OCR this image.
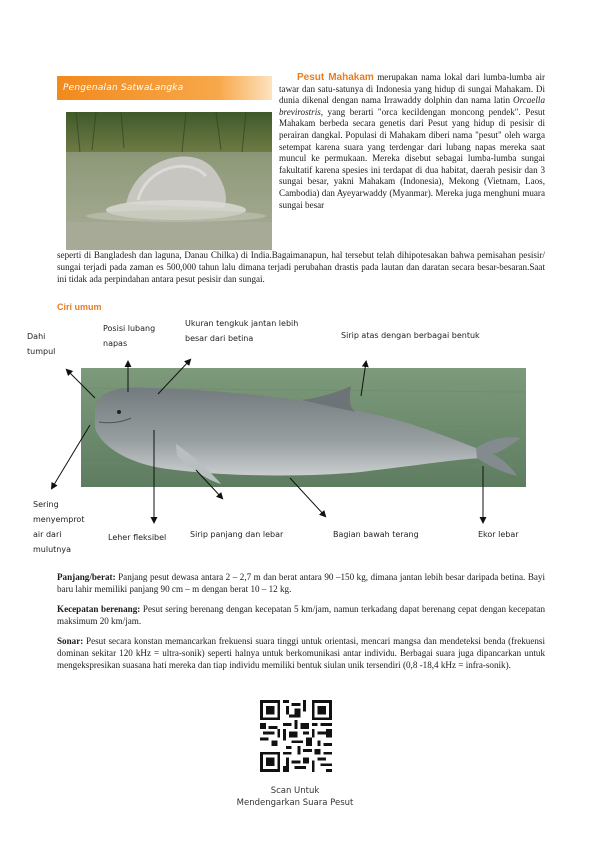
Pengenalan SatwaLangka
Pesut Mahakam merupakan nama lokal dari lumba-lumba air tawar dan satu-satunya di Indonesia yang hidup di sungai Mahakam. Di dunia dikenal dengan nama Irrawaddy dolphin dan nama latin Orcaella brevirostris, yang berarti "orca kecildengan moncong pendek". Pesut Mahakam berbeda secara genetis dari Pesut yang hidup di pesisir di perairan dangkal. Populasi di Mahakam diberi nama "pesut" oleh warga setempat karena suara yang terdengar dari lubang napas mereka saat muncul ke permukaan. Mereka disebut sebagai lumba-lumba sungai fakultatif karena spesies ini terdapat di dua habitat, daerah pesisir dan 3 sungai besar, yakni Mahakam (Indonesia), Mekong (Vietnam, Laos, Cambodia) dan Ayeyarwaddy (Myanmar). Mereka juga menghuni muara sungai besar
seperti di Bangladesh dan laguna, Danau Chilka) di India.Bagaimanapun, hal tersebut telah dihipotesakan bahwa pemisahan pesisir/ sungai terjadi pada zaman es 500,000 tahun lalu dimana terjadi perubahan drastis pada lautan dan daratan secara besar-besaran.Saat ini tidak ada perpindahan antara pesut pesisir dan sungai.
Ciri umum
Dahi
tumpul
Posisi lubang
napas
Ukuran tengkuk jantan lebih
besar dari betina	Sirip atas dengan berbagai bentuk
Sering
menyemprot
air dari
mulutnya
Leher fleksibel	Sirip panjang dan lebar	Bagian bawah terang	Ekor lebar
Panjang/berat: Panjang pesut dewasa antara 2 – 2,7 m dan berat antara 90 –150 kg, dimana jantan lebih besar daripada betina. Bayi baru lahir memiliki panjang 90 cm – m dengan berat 10 – 12 kg.
Kecepatan berenang: Pesut sering berenang dengan kecepatan 5 km/jam, namun terkadang dapat berenang cepat dengan kecepatan maksimum 20 km/jam.
Sonar: Pesut secara konstan memancarkan frekuensi suara tinggi untuk orientasi, mencari mangsa dan mendeteksi benda (frekuensi dominan sekitar 120 kHz = ultra-sonik) seperti halnya untuk berkomunikasi antar individu. Berbagai suara juga dipancarkan untuk mengekspresikan suasana hati mereka dan tiap individu memiliki bentuk siulan unik tersendiri (0,8 -18,4 kHz = infra-sonik).
Scan Untuk
Mendengarkan Suara Pesut
